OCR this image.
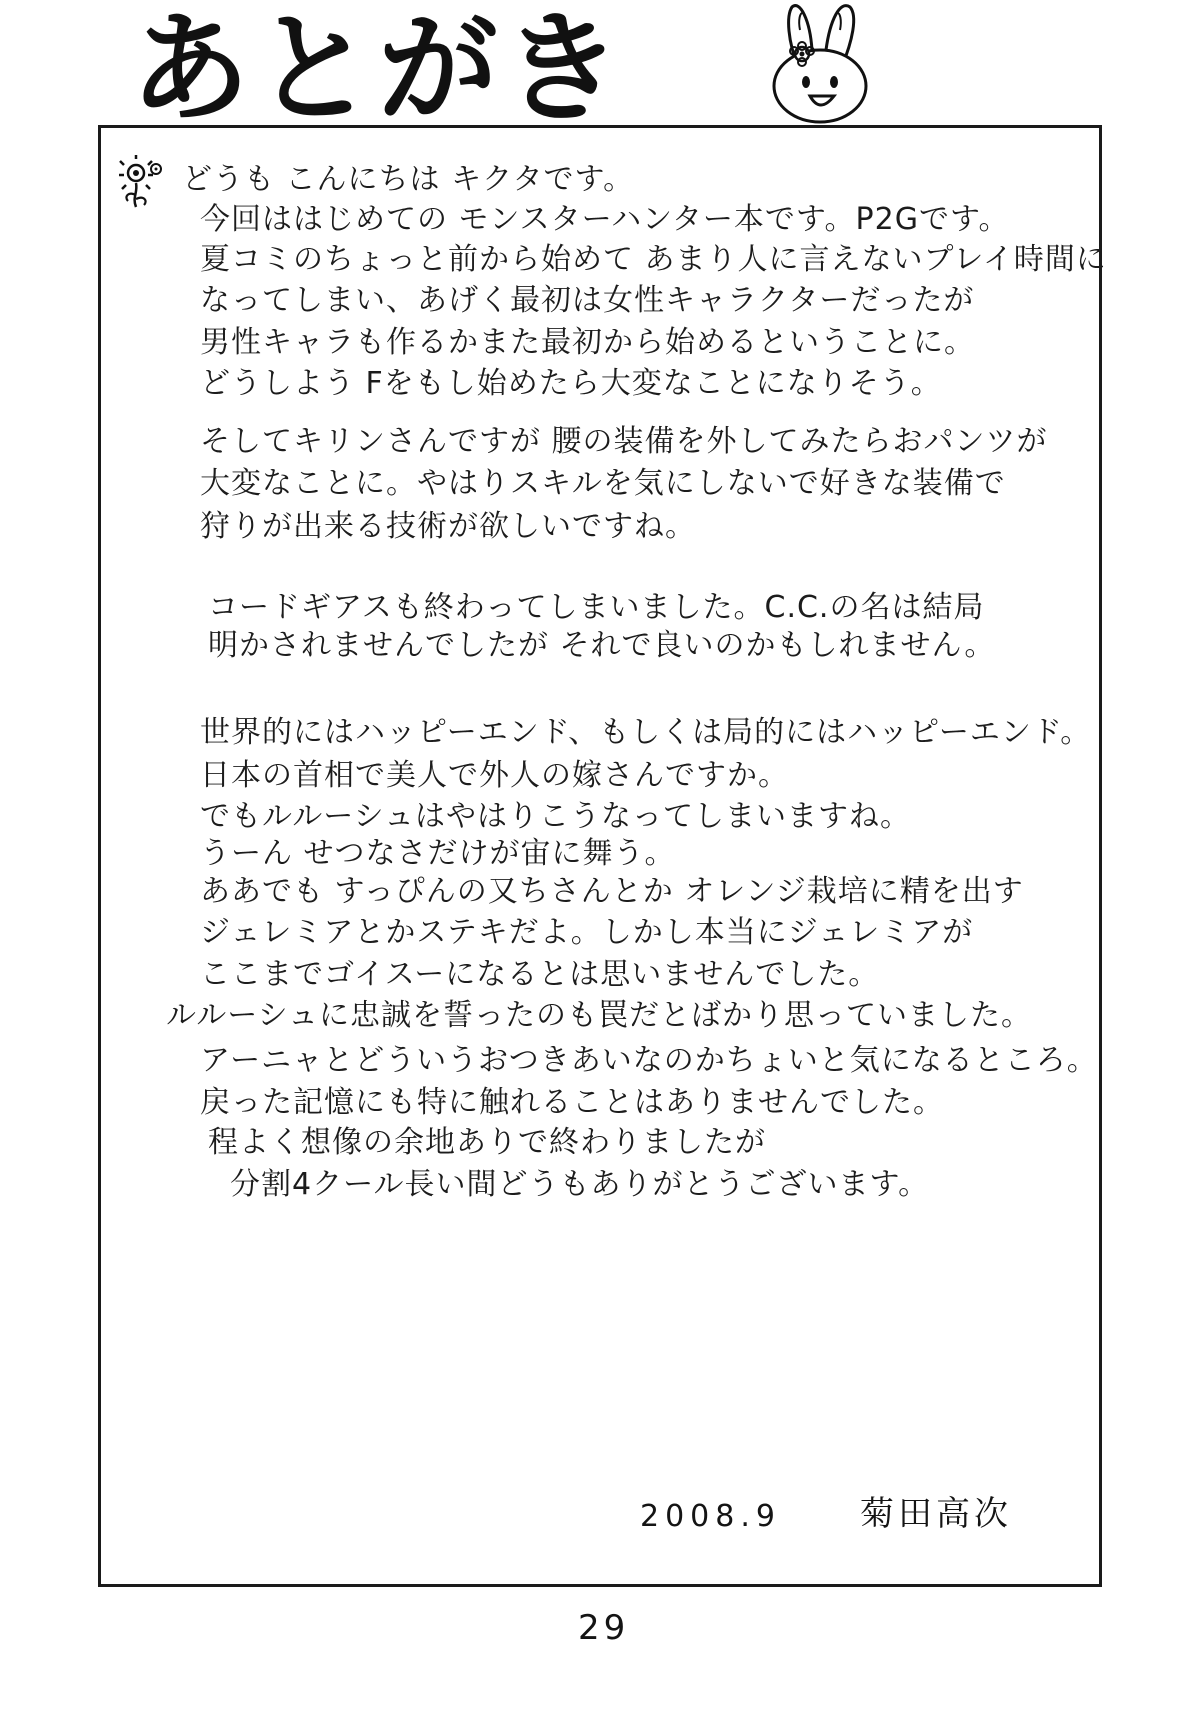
あとがき
どうも こんにちは キクタです。
今回ははじめての モンスターハンター本です。P2Gです。
夏コミのちょっと前から始めて あまり人に言えないプレイ時間に
なってしまい、あげく最初は女性キャラクターだったが
男性キャラも作るかまた最初から始めるということに。
どうしよう Fをもし始めたら大変なことになりそう。
そしてキリンさんですが 腰の装備を外してみたらおパンツが
大変なことに。やはりスキルを気にしないで好きな装備で
狩りが出来る技術が欲しいですね。
コードギアスも終わってしまいました。C.C.の名は結局
明かされませんでしたが それで良いのかもしれません。
世界的にはハッピーエンド、もしくは局的にはハッピーエンド。
日本の首相で美人で外人の嫁さんですか。
でもルルーシュはやはりこうなってしまいますね。
うーん せつなさだけが宙に舞う。
ああでも すっぴんの又ちさんとか オレンジ栽培に精を出す
ジェレミアとかステキだよ。しかし本当にジェレミアが
ここまでゴイスーになるとは思いませんでした。
ルルーシュに忠誠を誓ったのも罠だとばかり思っていました。
アーニャとどういうおつきあいなのかちょいと気になるところ。
戻った記憶にも特に触れることはありませんでした。
程よく想像の余地ありで終わりましたが
分割4クール長い間どうもありがとうございます。
2008.9 菊田高次
29
